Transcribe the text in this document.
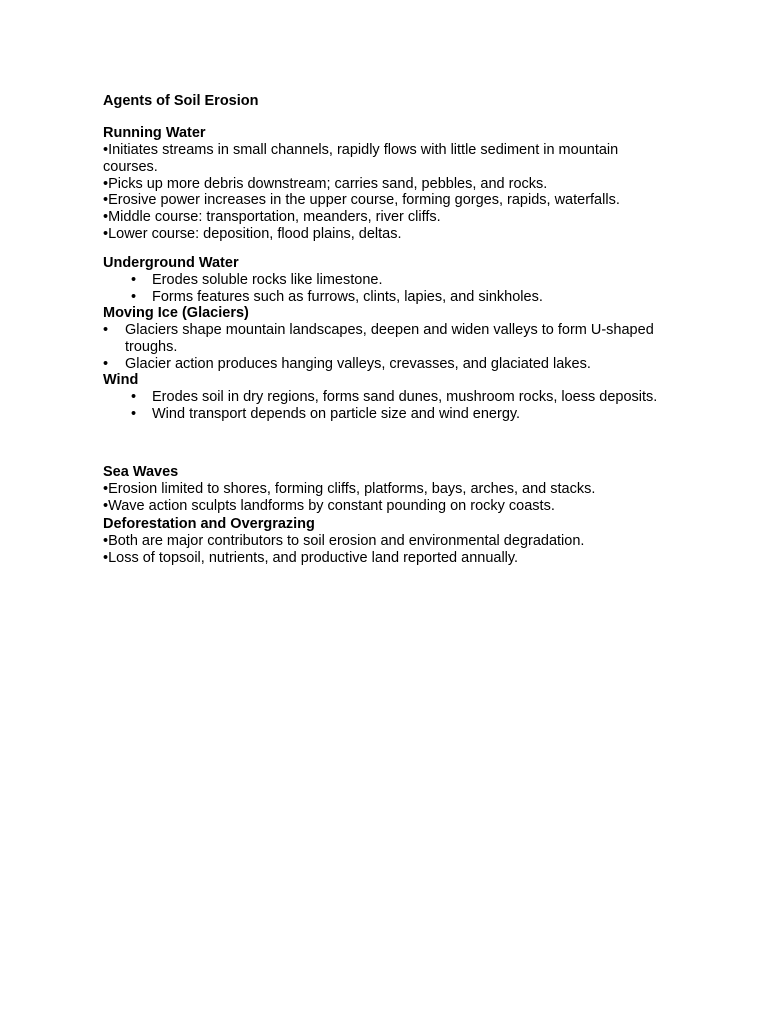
Agents of Soil Erosion

Running Water

•Initiates streams in small channels, rapidly flows with little sediment in mountain courses.

•Picks up more debris downstream; carries sand, pebbles, and rocks.

•Erosive power increases in the upper course, forming gorges, rapids, waterfalls.

•Middle course: transportation, meanders, river cliffs.

•Lower course: deposition, flood plains, deltas.

Underground Water

• Erodes soluble rocks like limestone.
• Forms features such as furrows, clints, lapies, and sinkholes.

Moving Ice (Glaciers)

• Glaciers shape mountain landscapes, deepen and widen valleys to form U-shaped troughs.
• Glacier action produces hanging valleys, crevasses, and glaciated lakes.

Wind

• Erodes soil in dry regions, forms sand dunes, mushroom rocks, loess deposits.
• Wind transport depends on particle size and wind energy.

Sea Waves

•Erosion limited to shores, forming cliffs, platforms, bays, arches, and stacks.

•Wave action sculpts landforms by constant pounding on rocky coasts.

Deforestation and Overgrazing

•Both are major contributors to soil erosion and environmental degradation.

•Loss of topsoil, nutrients, and productive land reported annually.
